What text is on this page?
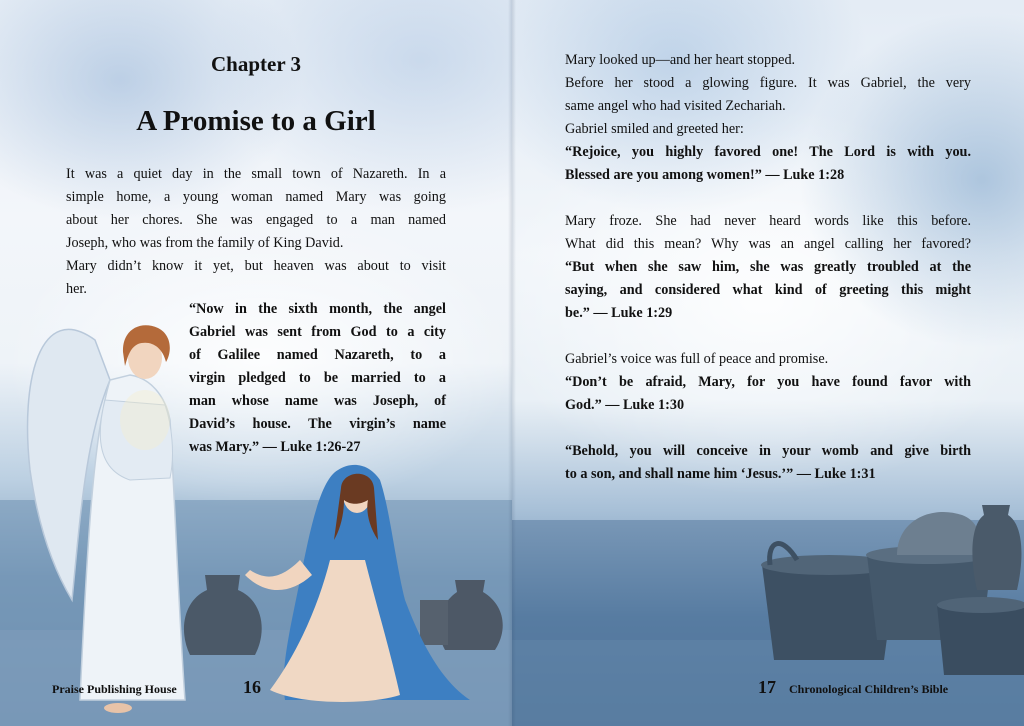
Chapter 3
A Promise to a Girl
It was a quiet day in the small town of Nazareth. In a
simple home, a young woman named Mary was going
about her chores. She was engaged to a man named
Joseph, who was from the family of King David.
Mary didn’t know it yet, but heaven was about to visit
her.
“Now in the sixth month, the angel
Gabriel was sent from God to a city
of Galilee named Nazareth, to a
virgin pledged to be married to a
man whose name was Joseph, of
David’s house. The virgin’s name
was Mary.” — Luke 1:26-27
Praise Publishing House	16

Mary looked up—and her heart stopped.

Before her stood a glowing figure. It was Gabriel, the very

same angel who had visited Zechariah.

Gabriel smiled and greeted her:

“Rejoice, you highly favored one! The Lord is with you.

Blessed are you among women!” — Luke 1:28

Mary froze. She had never heard words like this before.

What did this mean? Why was an angel calling her favored?

“But when she saw him, she was greatly troubled at the

saying, and considered what kind of greeting this might

be.” — Luke 1:29

Gabriel’s voice was full of peace and promise.

“Don’t be afraid, Mary, for you have found favor with

God.” — Luke 1:30

“Behold, you will conceive in your womb and give birth

to a son, and shall name him ‘Jesus.’” — Luke 1:31

17 Chronological Children’s Bible
